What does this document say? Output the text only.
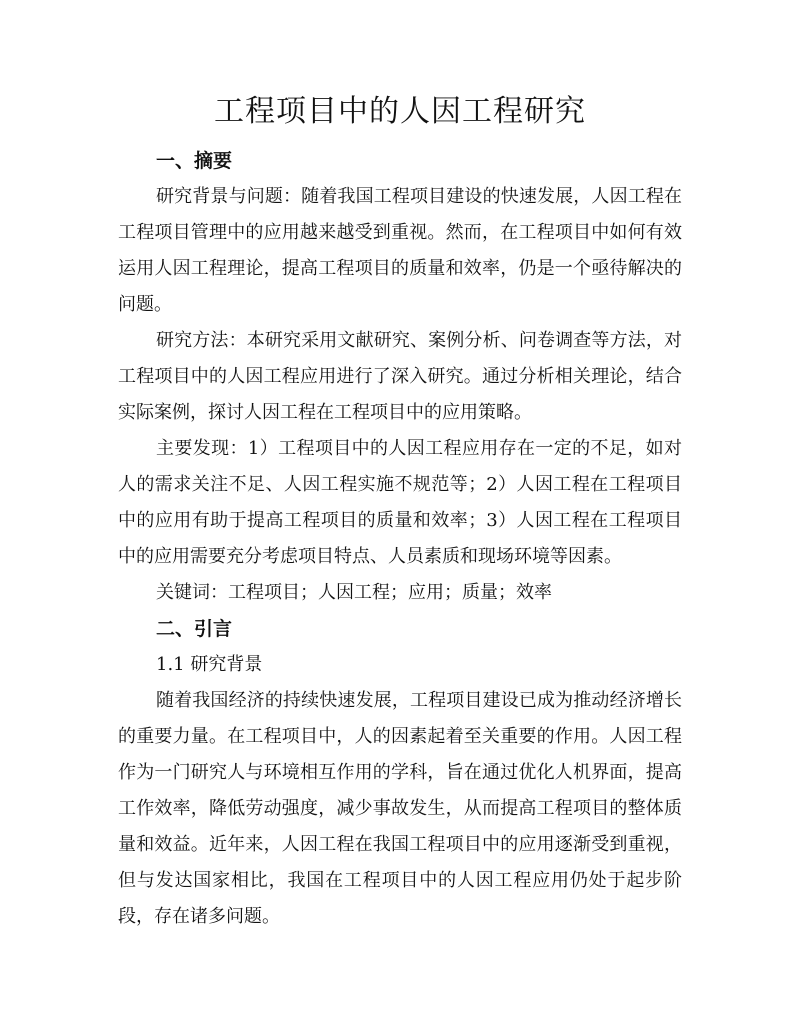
工程项目中的人因工程研究

一、摘要

研究背景与问题：随着我国工程项目建设的快速发展，人因工程在工程项目管理中的应用越来越受到重视。然而，在工程项目中如何有效运用人因工程理论，提高工程项目的质量和效率，仍是一个亟待解决的问题。

研究方法：本研究采用文献研究、案例分析、问卷调查等方法，对工程项目中的人因工程应用进行了深入研究。通过分析相关理论，结合实际案例，探讨人因工程在工程项目中的应用策略。

主要发现：1）工程项目中的人因工程应用存在一定的不足，如对人的需求关注不足、人因工程实施不规范等；2）人因工程在工程项目中的应用有助于提高工程项目的质量和效率；3）人因工程在工程项目中的应用需要充分考虑项目特点、人员素质和现场环境等因素。

关键词：工程项目；人因工程；应用；质量；效率

二、引言

1.1 研究背景

随着我国经济的持续快速发展，工程项目建设已成为推动经济增长的重要力量。在工程项目中，人的因素起着至关重要的作用。人因工程作为一门研究人与环境相互作用的学科，旨在通过优化人机界面，提高工作效率，降低劳动强度，减少事故发生，从而提高工程项目的整体质量和效益。近年来，人因工程在我国工程项目中的应用逐渐受到重视，但与发达国家相比，我国在工程项目中的人因工程应用仍处于起步阶段，存在诸多问题。
